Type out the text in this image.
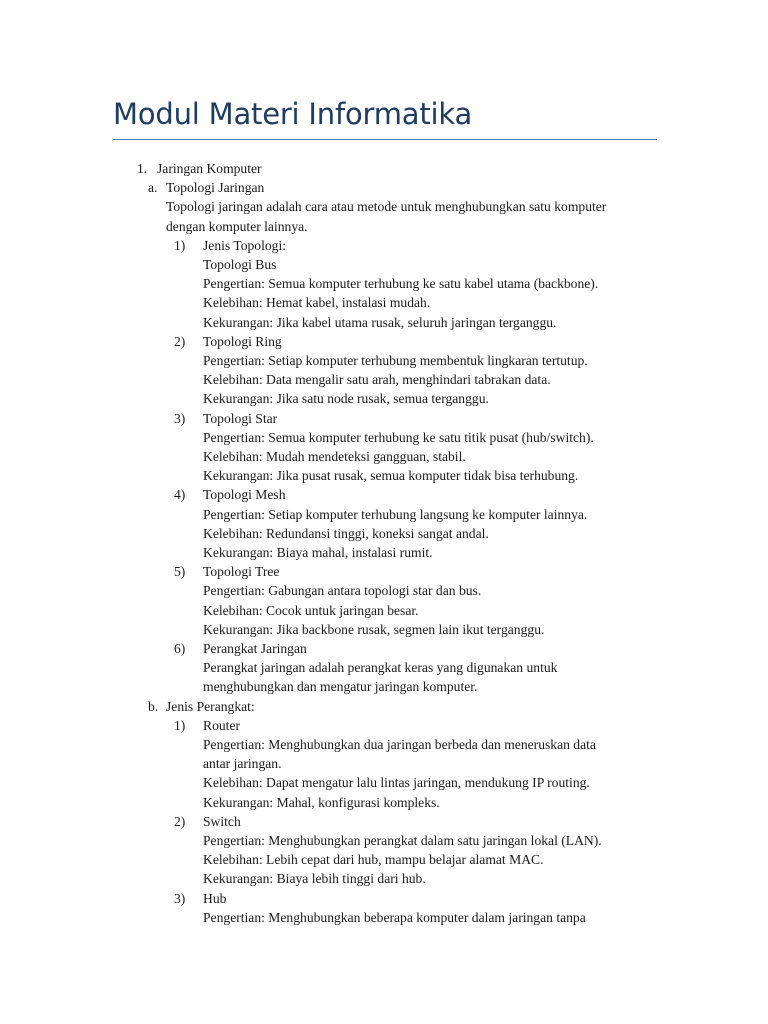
Modul Materi Informatika
1. Jaringan Komputer
a. Topologi Jaringan
Topologi jaringan adalah cara atau metode untuk menghubungkan satu komputer
dengan komputer lainnya.
1) Jenis Topologi:
Topologi Bus
Pengertian: Semua komputer terhubung ke satu kabel utama (backbone).
Kelebihan: Hemat kabel, instalasi mudah.
Kekurangan: Jika kabel utama rusak, seluruh jaringan terganggu.
2) Topologi Ring
Pengertian: Setiap komputer terhubung membentuk lingkaran tertutup.
Kelebihan: Data mengalir satu arah, menghindari tabrakan data.
Kekurangan: Jika satu node rusak, semua terganggu.
3) Topologi Star
Pengertian: Semua komputer terhubung ke satu titik pusat (hub/switch).
Kelebihan: Mudah mendeteksi gangguan, stabil.
Kekurangan: Jika pusat rusak, semua komputer tidak bisa terhubung.
4) Topologi Mesh
Pengertian: Setiap komputer terhubung langsung ke komputer lainnya.
Kelebihan: Redundansi tinggi, koneksi sangat andal.
Kekurangan: Biaya mahal, instalasi rumit.
5) Topologi Tree
Pengertian: Gabungan antara topologi star dan bus.
Kelebihan: Cocok untuk jaringan besar.
Kekurangan: Jika backbone rusak, segmen lain ikut terganggu.
6) Perangkat Jaringan
Perangkat jaringan adalah perangkat keras yang digunakan untuk
menghubungkan dan mengatur jaringan komputer.
b. Jenis Perangkat:
1) Router
Pengertian: Menghubungkan dua jaringan berbeda dan meneruskan data
antar jaringan.
Kelebihan: Dapat mengatur lalu lintas jaringan, mendukung IP routing.
Kekurangan: Mahal, konfigurasi kompleks.
2) Switch
Pengertian: Menghubungkan perangkat dalam satu jaringan lokal (LAN).
Kelebihan: Lebih cepat dari hub, mampu belajar alamat MAC.
Kekurangan: Biaya lebih tinggi dari hub.
3) Hub
Pengertian: Menghubungkan beberapa komputer dalam jaringan tanpa
